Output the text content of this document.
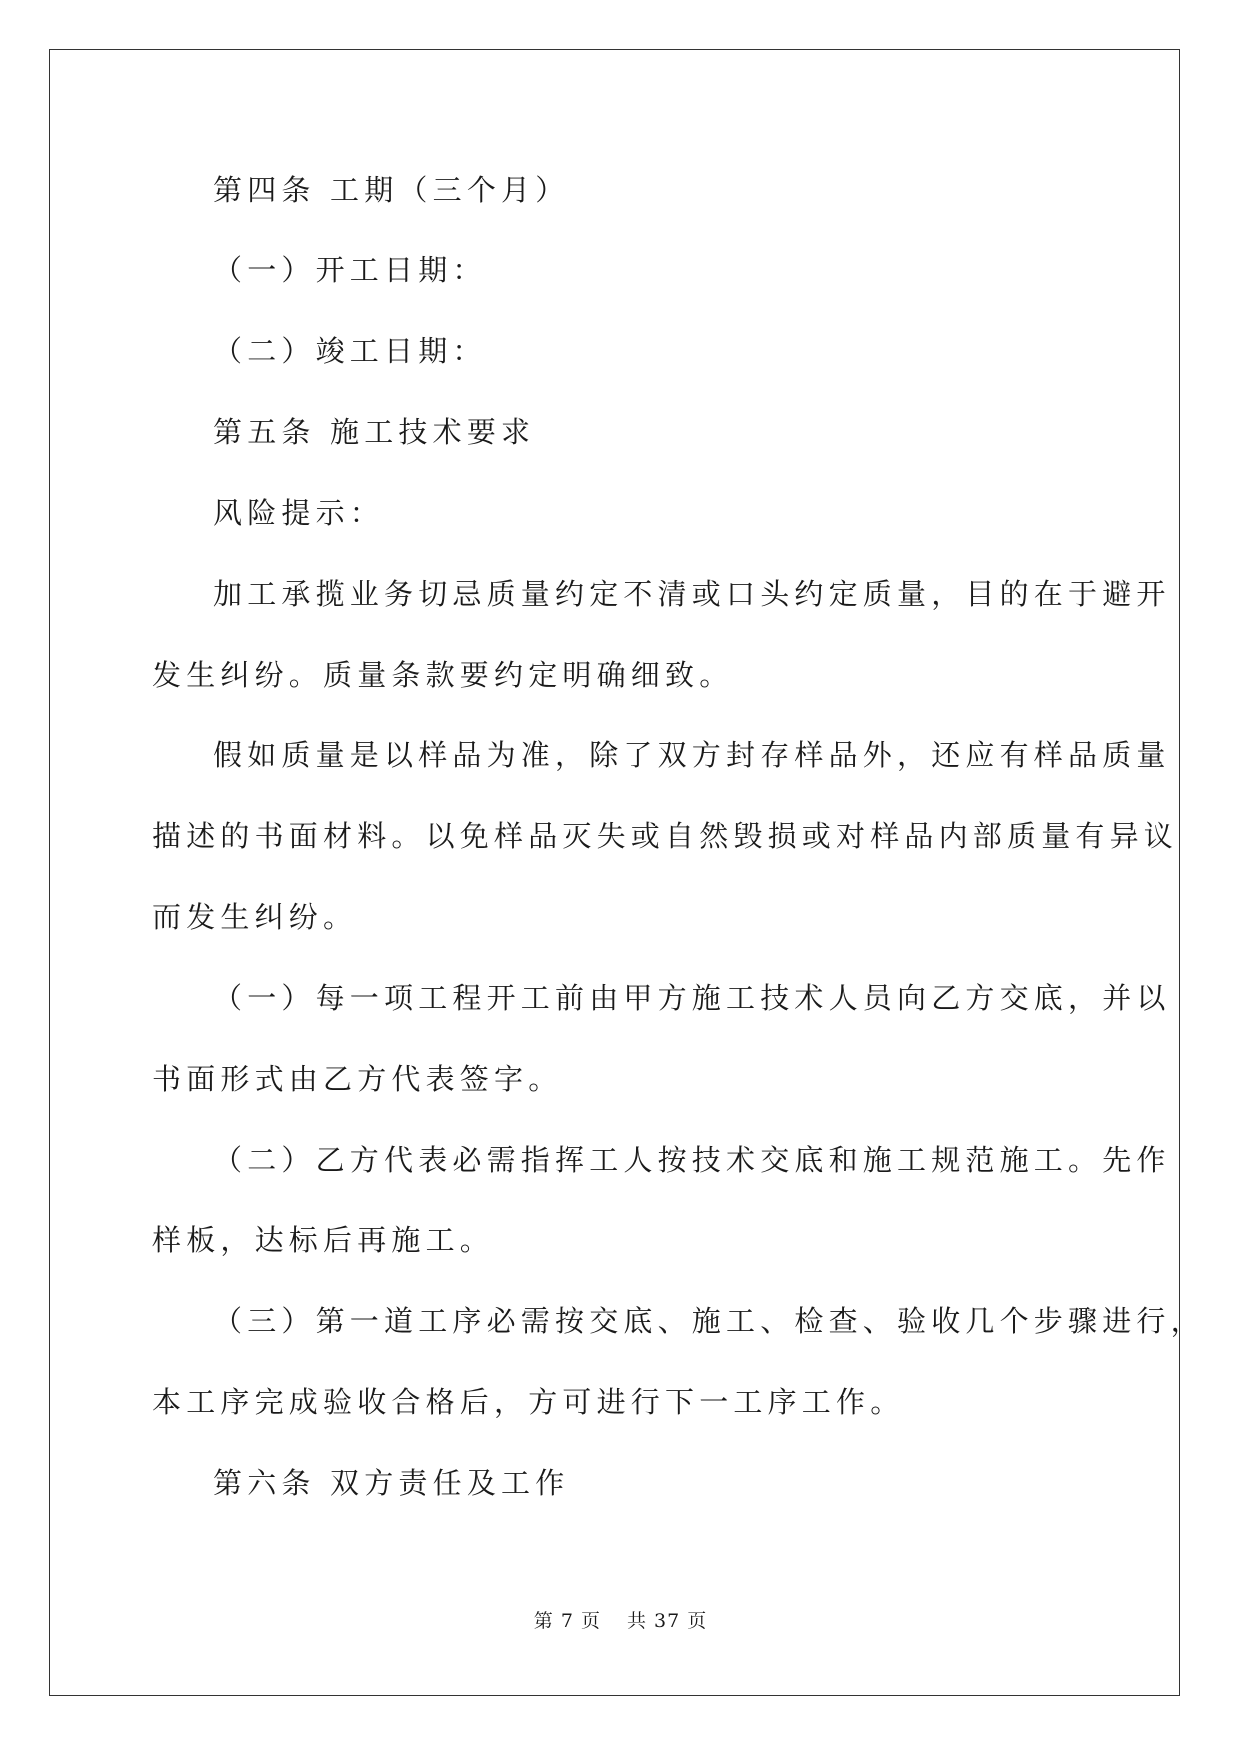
第四条 工期（三个月）
（一）开工日期：
（二）竣工日期：
第五条 施工技术要求
风险提示：
加工承揽业务切忌质量约定不清或口头约定质量，目的在于避开
发生纠纷。质量条款要约定明确细致。
假如质量是以样品为准，除了双方封存样品外，还应有样品质量
描述的书面材料。以免样品灭失或自然毁损或对样品内部质量有异议
而发生纠纷。
（一）每一项工程开工前由甲方施工技术人员向乙方交底，并以
书面形式由乙方代表签字。
（二）乙方代表必需指挥工人按技术交底和施工规范施工。先作
样板，达标后再施工。
（三）第一道工序必需按交底、施工、检查、验收几个步骤进行，
本工序完成验收合格后，方可进行下一工序工作。
第六条 双方责任及工作
第 7 页 共 37 页
